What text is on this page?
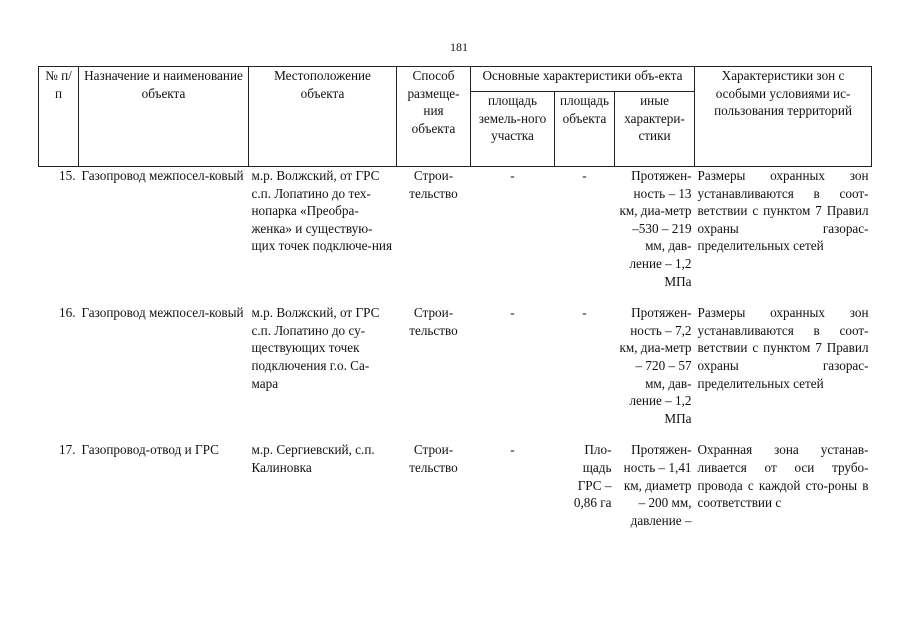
181
№ п/п	Назначение и наименование объекта	Местоположение объекта	Способ размеще-ния объекта	Основные характеристики объ-екта			Характеристики зон с особыми условиями ис-пользования территорий
				площадь земель-ного участка	площадь объекта	иные характери-стики	
15.	Газопровод межпосел-ковый	м.р. Волжский, от ГРС с.п. Лопатино до тех-нопарка «Преобра-женка» и существую-щих точек подключе-ния	Строи-тельство	-	-	Протяжен-ность – 13 км, диа-метр –530 – 219 мм, дав-ление – 1,2 МПа	Размеры охранных зон устанавливаются в соот-ветствии с пунктом 7 Правил охраны газорас-пределительных сетей

16.	Газопровод межпосел-ковый	м.р. Волжский, от ГРС с.п. Лопатино до су-ществующих точек подключения г.о. Са-мара	Строи-тельство	-	-	Протяжен-ность – 7,2 км, диа-метр – 720 – 57 мм, дав-ление – 1,2 МПа	Размеры охранных зон устанавливаются в соот-ветствии с пунктом 7 Правил охраны газорас-пределительных сетей

17.	Газопровод-отвод и ГРС	м.р. Сергиевский, с.п. Калиновка	Строи-тельство	-	Пло-щадь ГРС – 0,86 га	Протяжен-ность – 1,41 км, диаметр – 200 мм, давление –	Охранная зона устанав-ливается от оси трубо-провода с каждой сто-роны в соответствии с
